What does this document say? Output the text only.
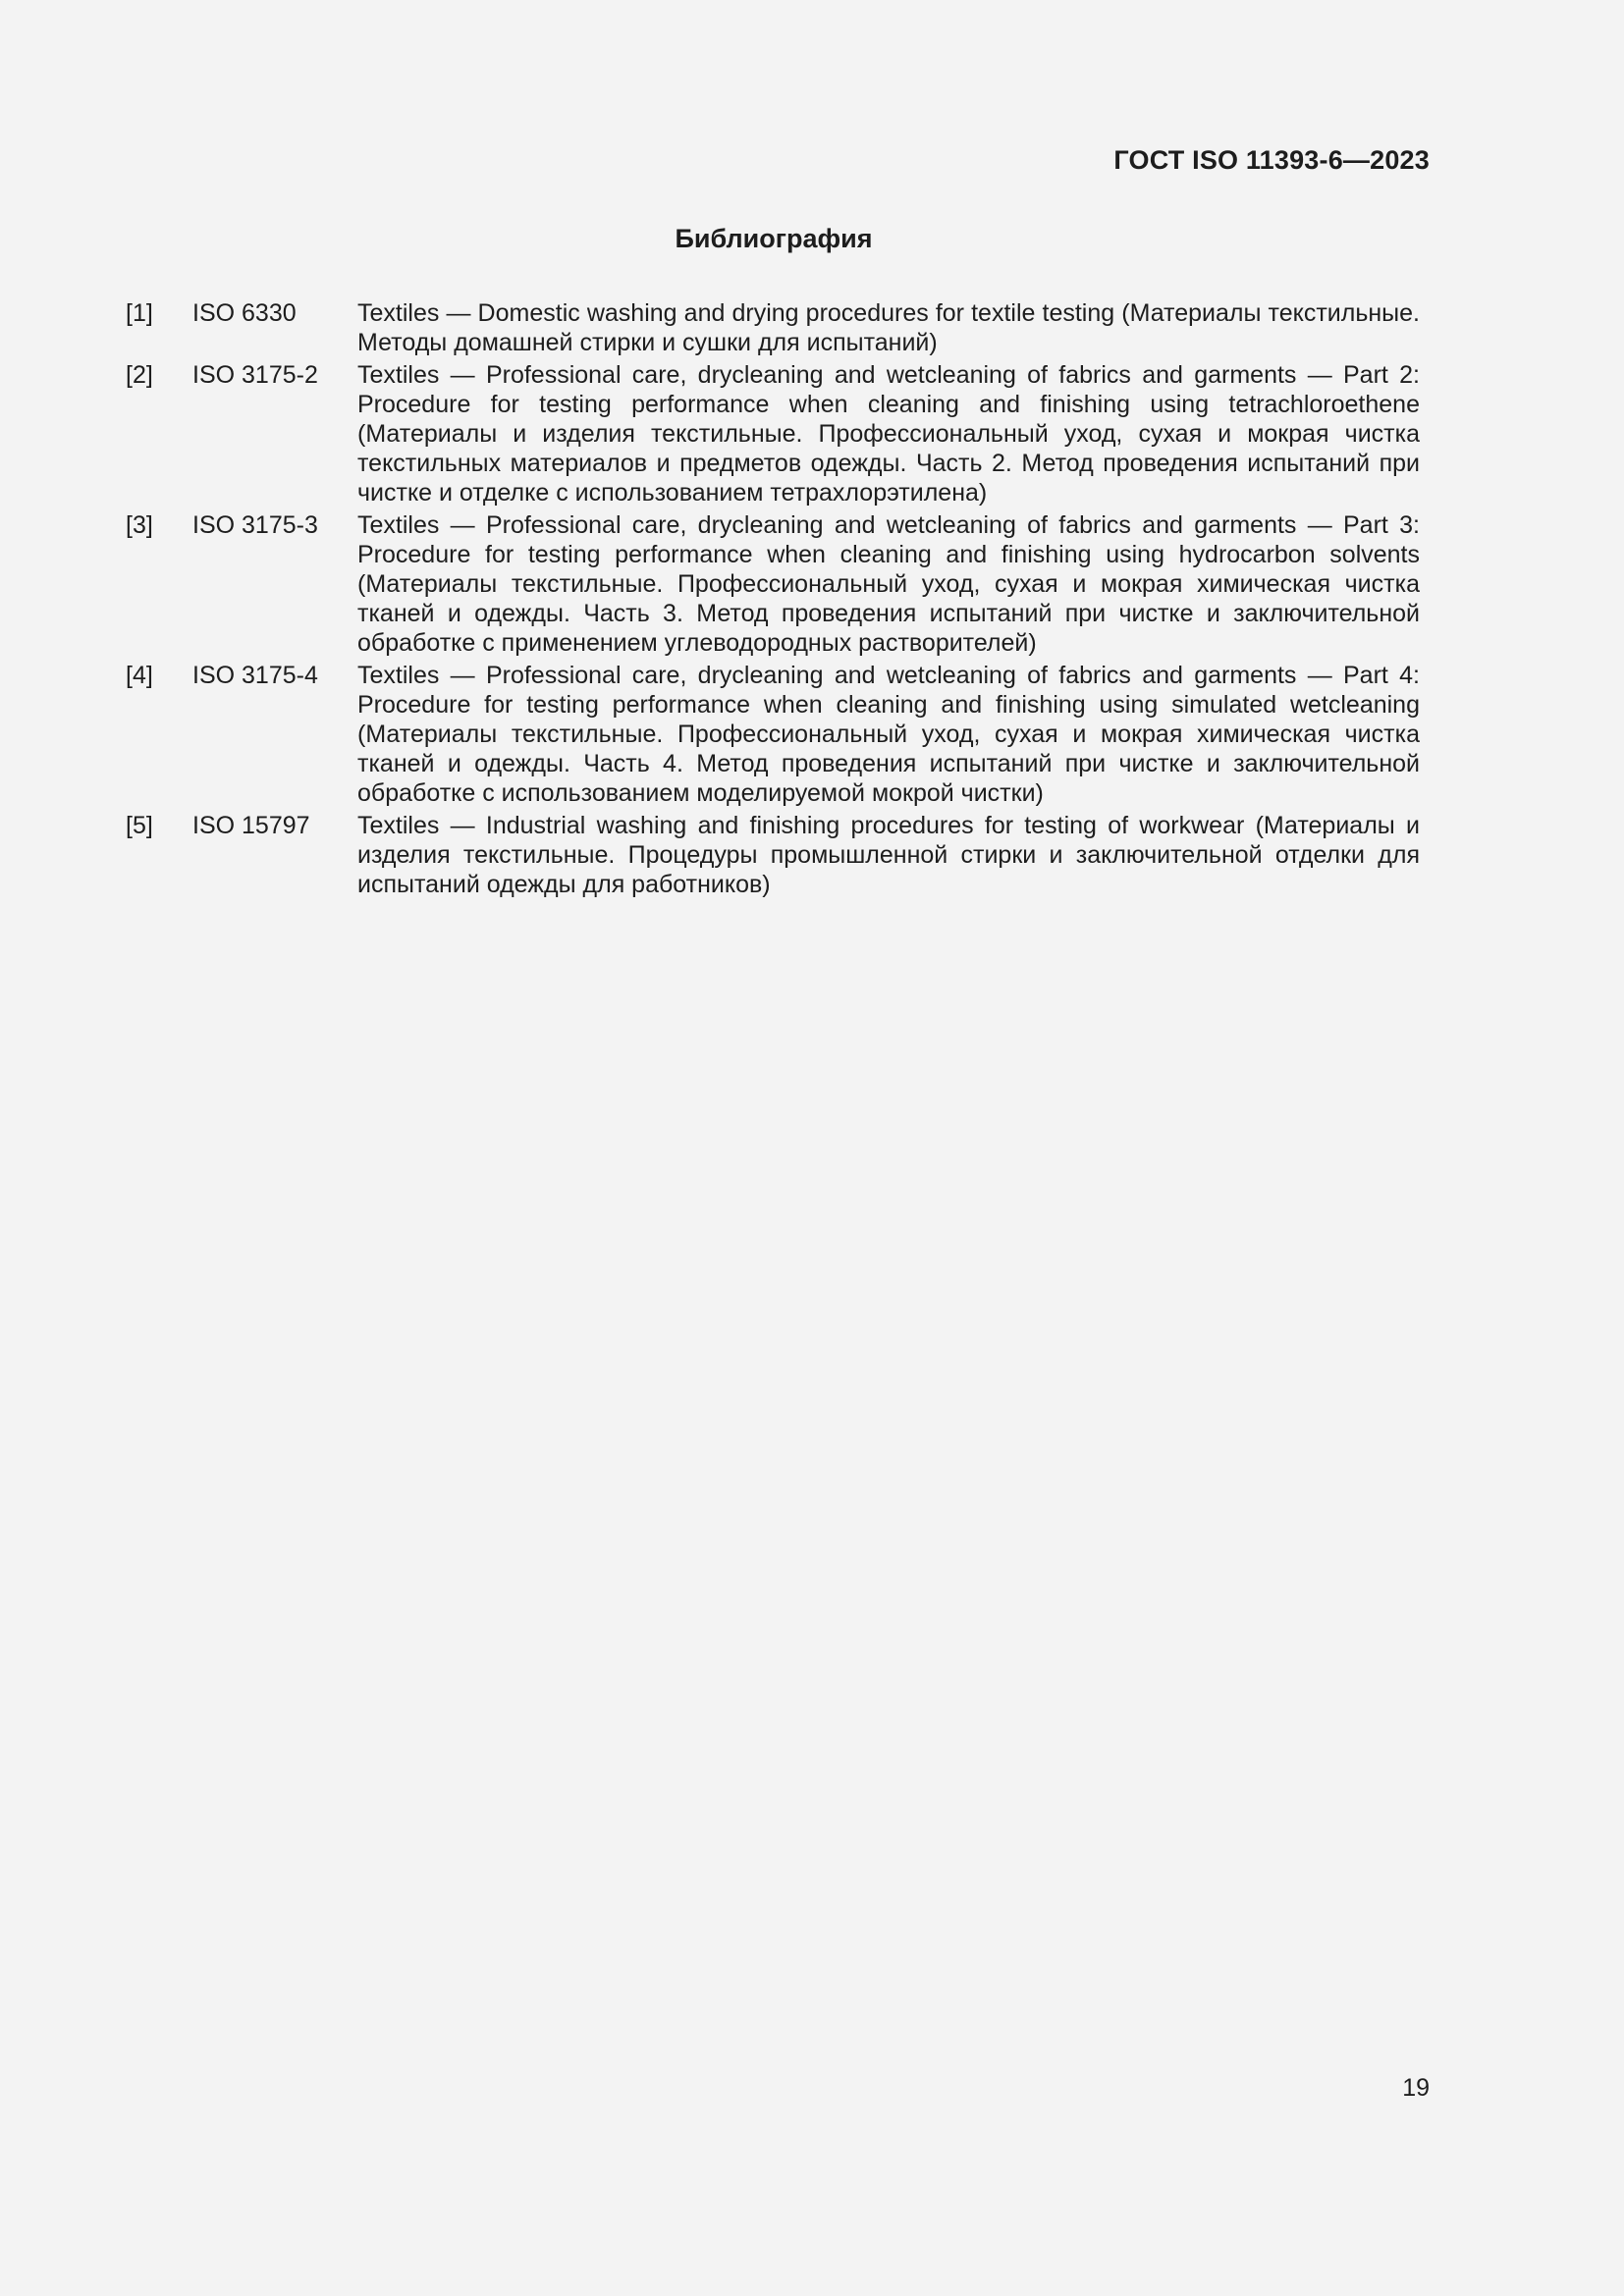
ГОСТ ISO 11393-6—2023
Библиография
[1]	ISO 6330	Textiles — Domestic washing and drying procedures for textile testing (Материалы текстильные. Методы домашней стирки и сушки для испытаний)
[2]	ISO 3175-2	Textiles — Professional care, drycleaning and wetcleaning of fabrics and garments — Part 2: Procedure for testing performance when cleaning and finishing using tetrachloroethene (Материалы и изделия текстильные. Профессиональный уход, сухая и мокрая чистка текстильных материалов и предметов одежды. Часть 2. Метод проведения испытаний при чистке и отделке с использованием тетрахлорэтилена)
[3]	ISO 3175-3	Textiles — Professional care, drycleaning and wetcleaning of fabrics and garments — Part 3: Procedure for testing performance when cleaning and finishing using hydrocarbon solvents (Материалы текстильные. Профессиональный уход, сухая и мокрая химическая чистка тканей и одежды. Часть 3. Метод проведения испытаний при чистке и заключительной обработке с применением углеводородных растворителей)
[4]	ISO 3175-4	Textiles — Professional care, drycleaning and wetcleaning of fabrics and garments — Part 4: Procedure for testing performance when cleaning and finishing using simulated wetcleaning (Материалы текстильные. Профессиональный уход, сухая и мокрая химическая чистка тканей и одежды. Часть 4. Метод проведения испытаний при чистке и заключительной обработке с использованием моделируемой мокрой чистки)
[5]	ISO 15797	Textiles — Industrial washing and finishing procedures for testing of workwear (Материалы и изделия текстильные. Процедуры промышленной стирки и заключительной отделки для испытаний одежды для работников)
19
